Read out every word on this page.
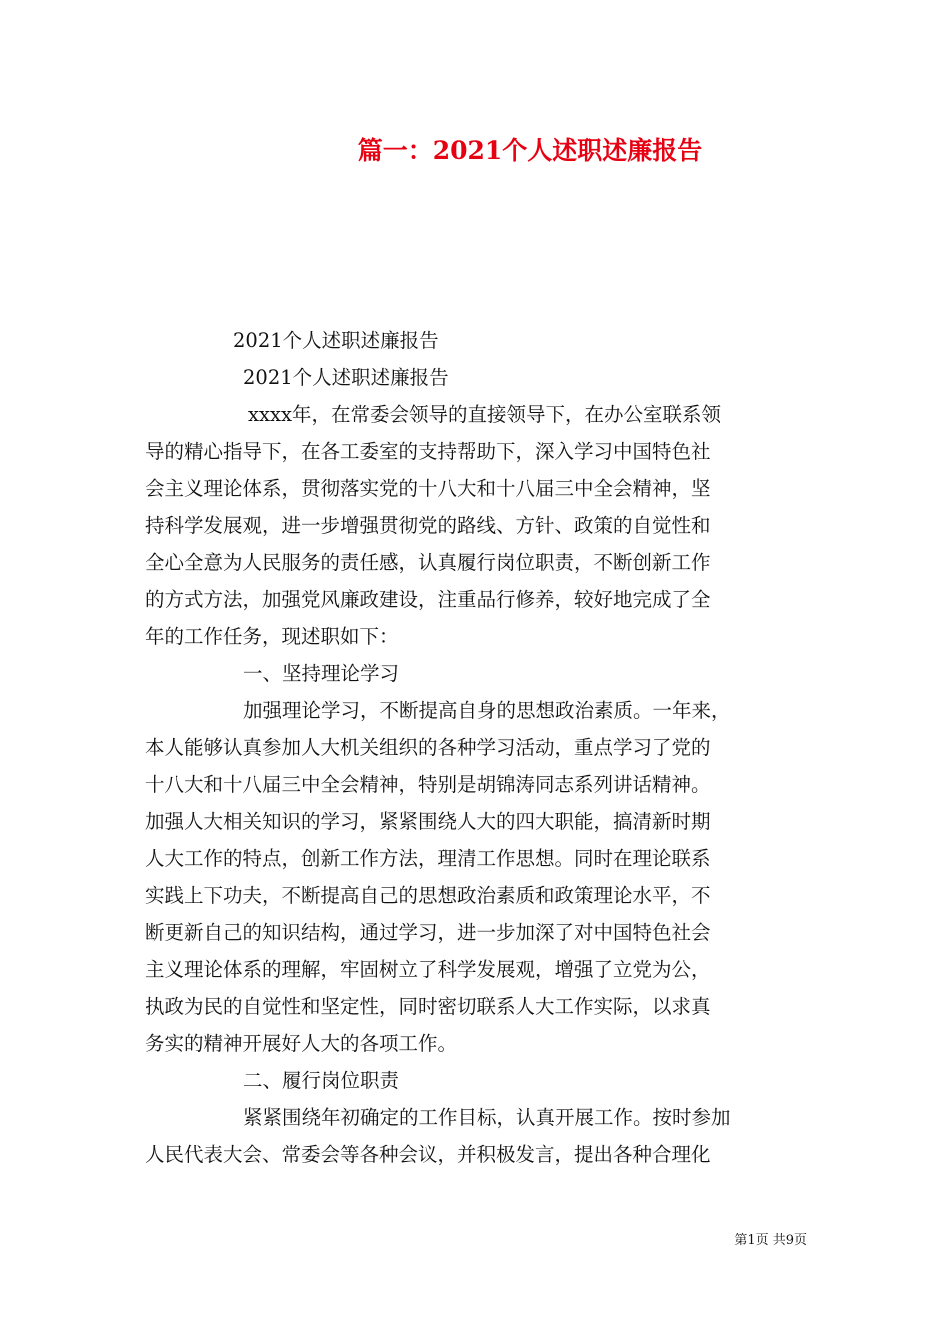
篇一：2021个人述职述廉报告
2021个人述职述廉报告
2021个人述职述廉报告
xxxx年，在常委会领导的直接领导下，在办公室联系领
导的精心指导下，在各工委室的支持帮助下，深入学习中国特色社
会主义理论体系，贯彻落实党的十八大和十八届三中全会精神，坚
持科学发展观，进一步增强贯彻党的路线、方针、政策的自觉性和
全心全意为人民服务的责任感，认真履行岗位职责，不断创新工作
的方式方法，加强党风廉政建设，注重品行修养，较好地完成了全
年的工作任务，现述职如下：
一、坚持理论学习
加强理论学习，不断提高自身的思想政治素质。一年来，
本人能够认真参加人大机关组织的各种学习活动，重点学习了党的
十八大和十八届三中全会精神，特别是胡锦涛同志系列讲话精神。
加强人大相关知识的学习，紧紧围绕人大的四大职能，搞清新时期
人大工作的特点，创新工作方法，理清工作思想。同时在理论联系
实践上下功夫，不断提高自己的思想政治素质和政策理论水平，不
断更新自己的知识结构，通过学习，进一步加深了对中国特色社会
主义理论体系的理解，牢固树立了科学发展观，增强了立党为公，
执政为民的自觉性和坚定性，同时密切联系人大工作实际，以求真
务实的精神开展好人大的各项工作。
二、履行岗位职责
紧紧围绕年初确定的工作目标，认真开展工作。按时参加
人民代表大会、常委会等各种会议，并积极发言，提出各种合理化
第1页 共9页
